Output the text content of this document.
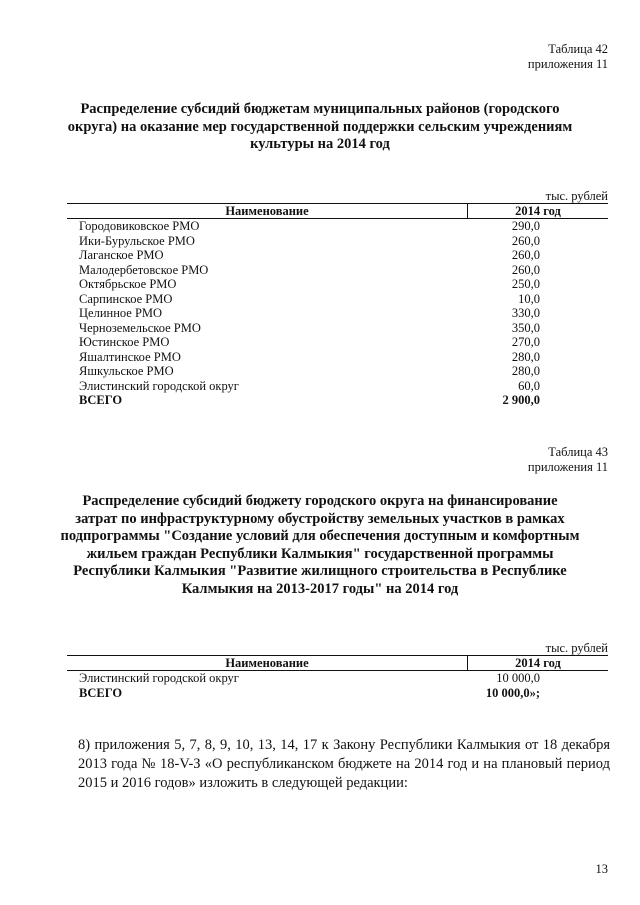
Таблица 42
приложения 11
Распределение субсидий бюджетам муниципальных районов (городского округа) на оказание мер государственной поддержки сельским учреждениям культуры на 2014 год
тыс. рублей
Наименование	2014 год
Городовиковское РМО	290,0
Ики-Бурульское РМО	260,0
Лаганское РМО	260,0
Малодербетовское РМО	260,0
Октябрьское РМО	250,0
Сарпинское РМО	10,0
Целинное РМО	330,0
Черноземельское РМО	350,0
Юстинское РМО	270,0
Яшалтинское РМО	280,0
Яшкульское РМО	280,0
Элистинский городской округ	60,0
ВСЕГО	2 900,0
Таблица 43
приложения 11
Распределение субсидий бюджету городского округа на финансирование затрат по инфраструктурному обустройству земельных участков в рамках подпрограммы "Создание условий для обеспечения доступным и комфортным жильем граждан Республики Калмыкия" государственной программы Республики Калмыкия "Развитие жилищного строительства в Республике Калмыкия на 2013-2017 годы" на 2014 год
тыс. рублей
Наименование	2014 год
Элистинский городской округ	10 000,0
ВСЕГО	10 000,0»;
8) приложения 5, 7, 8, 9, 10, 13, 14, 17 к Закону Республики Калмыкия от 18 декабря 2013 года № 18-V-З «О республиканском бюджете на 2014 год и на плановый период 2015 и 2016 годов» изложить в следующей редакции:
13
